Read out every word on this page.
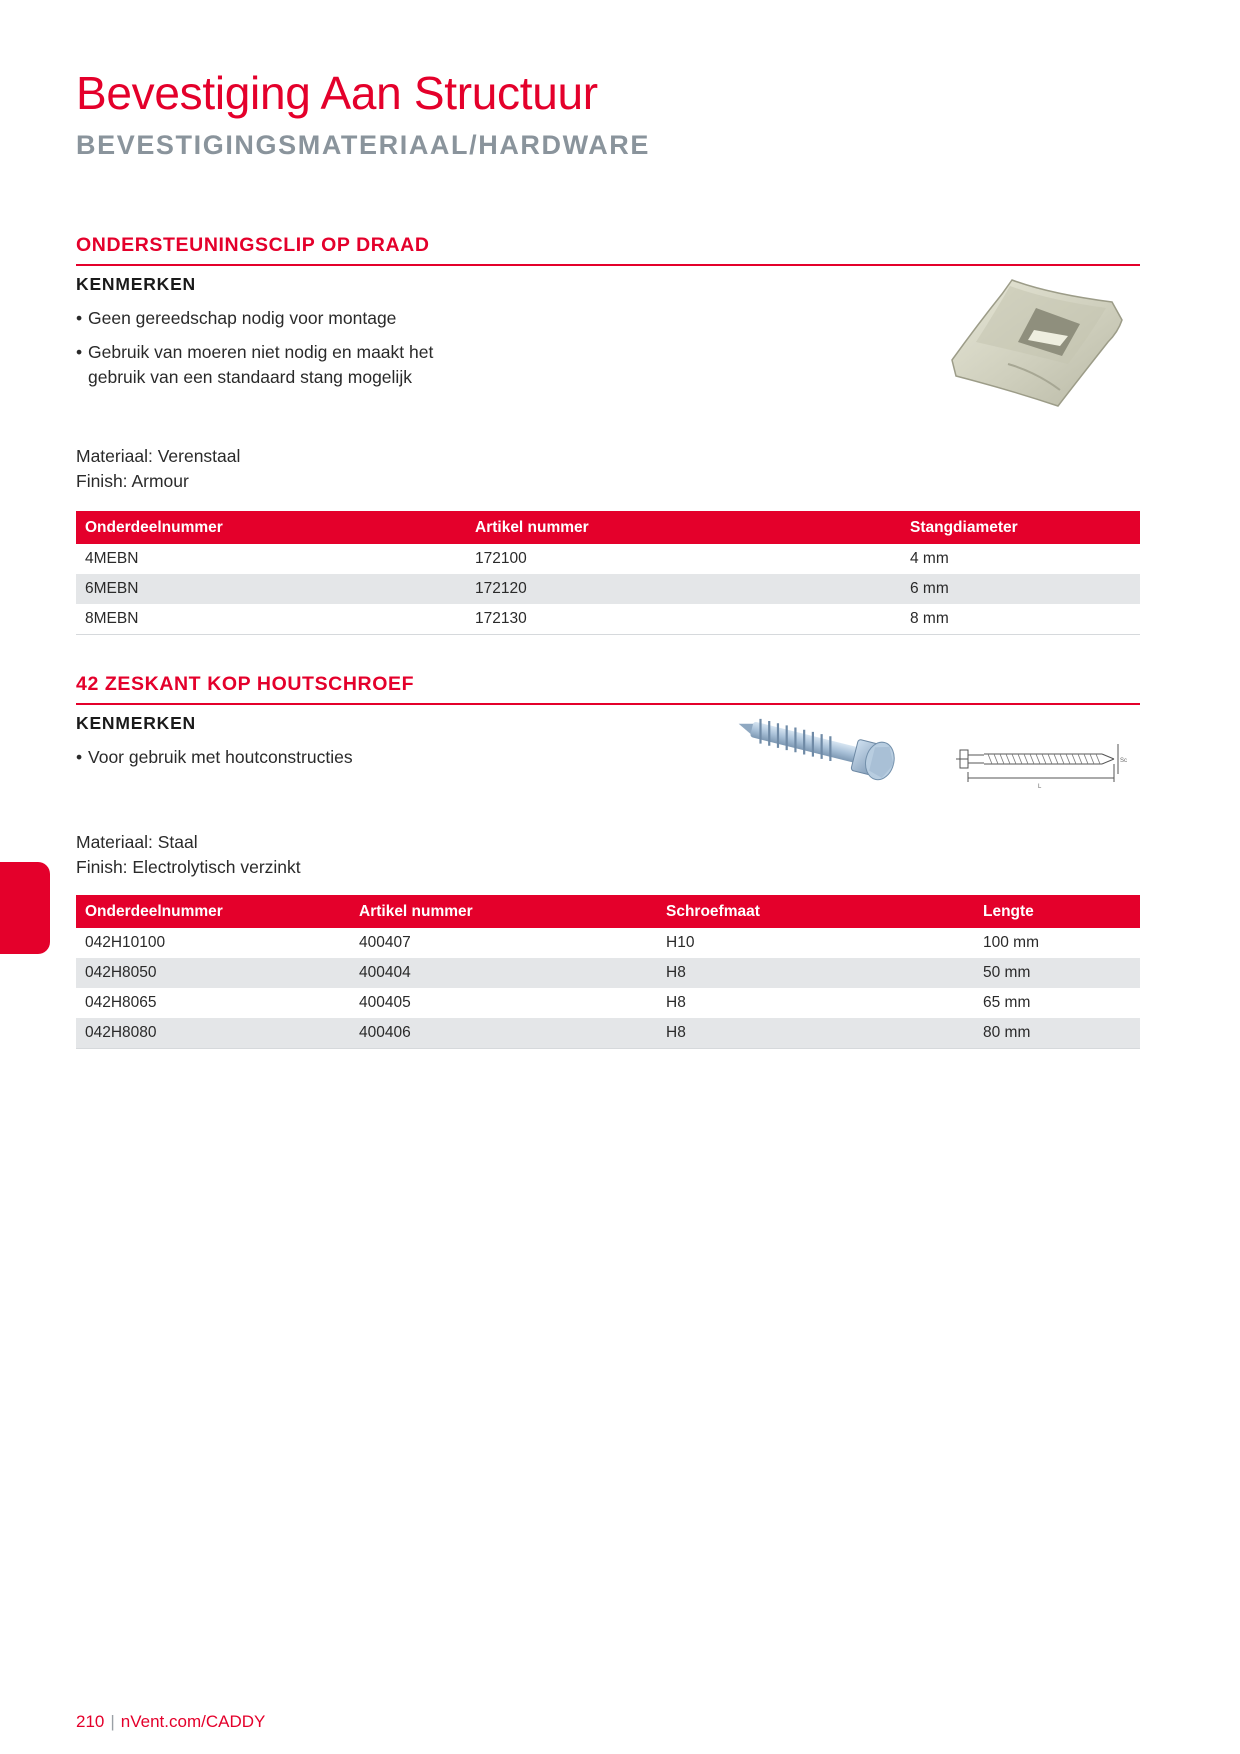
Bevestiging Aan Structuur
BEVESTIGINGSMATERIAAL/HARDWARE
ONDERSTEUNINGSCLIP OP DRAAD
KENMERKEN
• Geen gereedschap nodig voor montage
• Gebruik van moeren niet nodig en maakt het gebruik van een standaard stang mogelijk
Materiaal: Verenstaal
Finish: Armour
Onderdeelnummer	Artikel nummer	Stangdiameter
4MEBN	172100	4 mm
6MEBN	172120	6 mm
8MEBN	172130	8 mm
42 ZESKANT KOP HOUTSCHROEF
KENMERKEN
• Voor gebruik met houtconstructies
L
Sc
Materiaal: Staal
Finish: Electrolytisch verzinkt
Onderdeelnummer	Artikel nummer	Schroefmaat	Lengte
042H10100	400407	H10	100 mm
042H8050	400404	H8	50 mm
042H8065	400405	H8	65 mm
042H8080	400406	H8	80 mm
210 | nVent.com/CADDY
